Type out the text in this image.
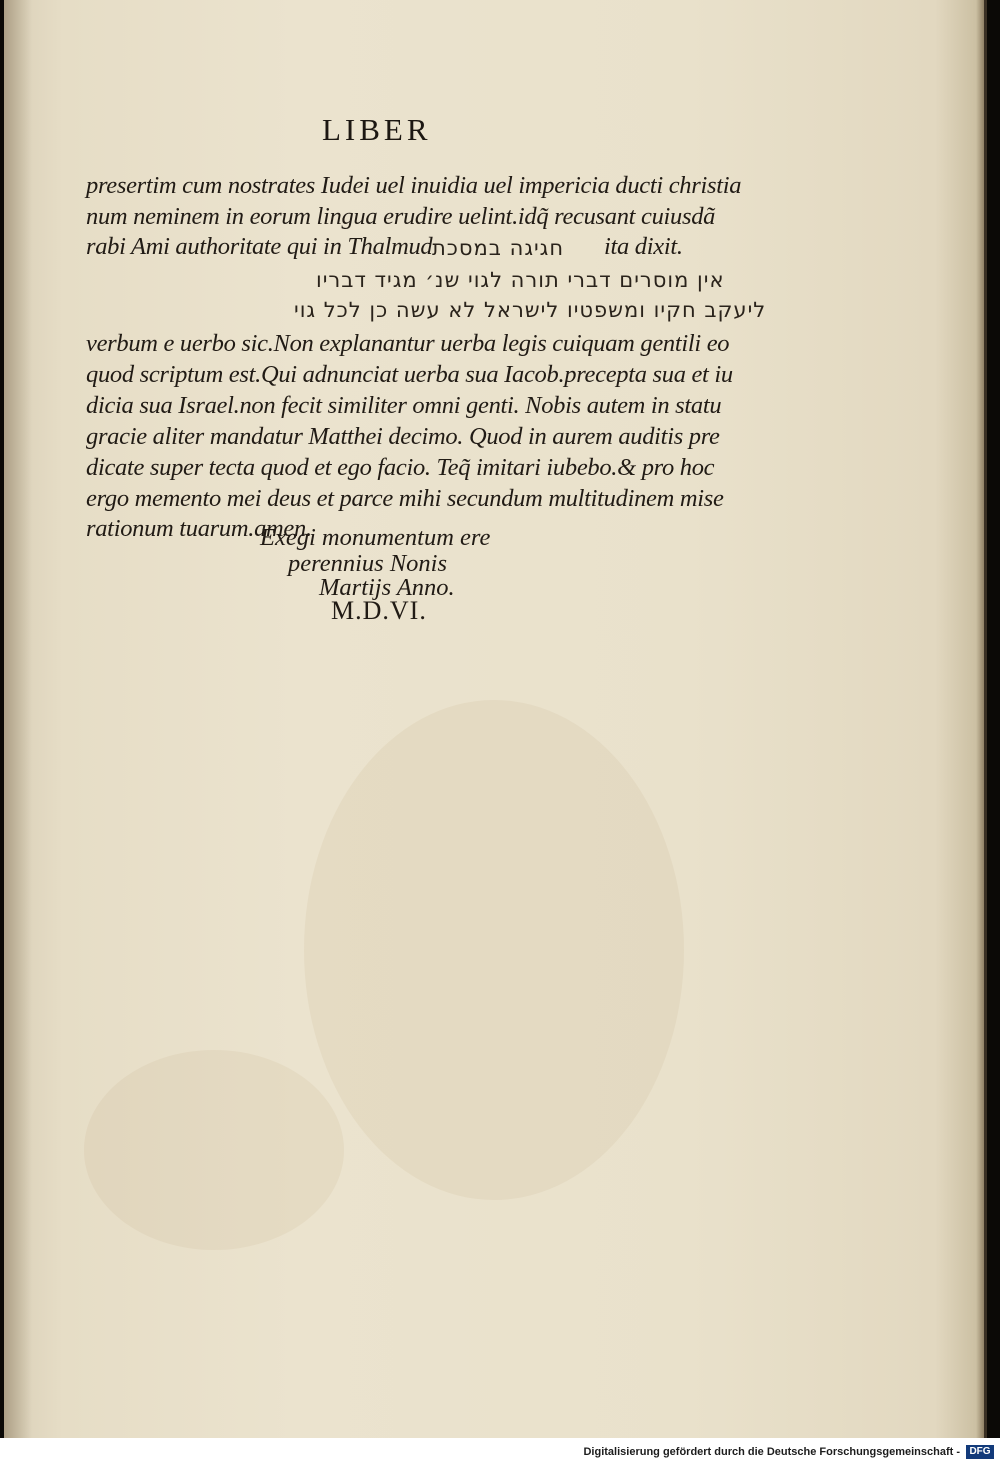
LIBER
presertim cum nostrates Iudei uel inuidia uel impericia ducti christia
num neminem in eorum lingua erudire uelint.idq̃ recusant cuiusdã
rabi Ami authoritate qui in Thalmud חגיגה במסכת ita dixit.
אין מוסרים דברי תורה לגוי שנ׳ מגיד דבריו
ליעקב חקיו ומשפטיו לישראל לא עשה כן לכל גוי
verbum e uerbo sic.Non explanantur uerba legis cuiquam gentili eo
quod scriptum est.Qui adnunciat uerba sua Iacob.precepta sua et iu
dicia sua Israel.non fecit similiter omni genti. Nobis autem in statu
gracie aliter mandatur Matthei decimo. Quod in aurem auditis pre
dicate super tecta quod et ego facio. Teq̃ imitari iubebo.& pro hoc
ergo memento mei deus et parce mihi secundum multitudinem mise
rationum tuarum.amen.
Exegi monumentum ere
perennius Nonis
Martijs Anno.
M.D.VI.
Digitalisierung gefördert durch die Deutsche Forschungsgemeinschaft - DFG
